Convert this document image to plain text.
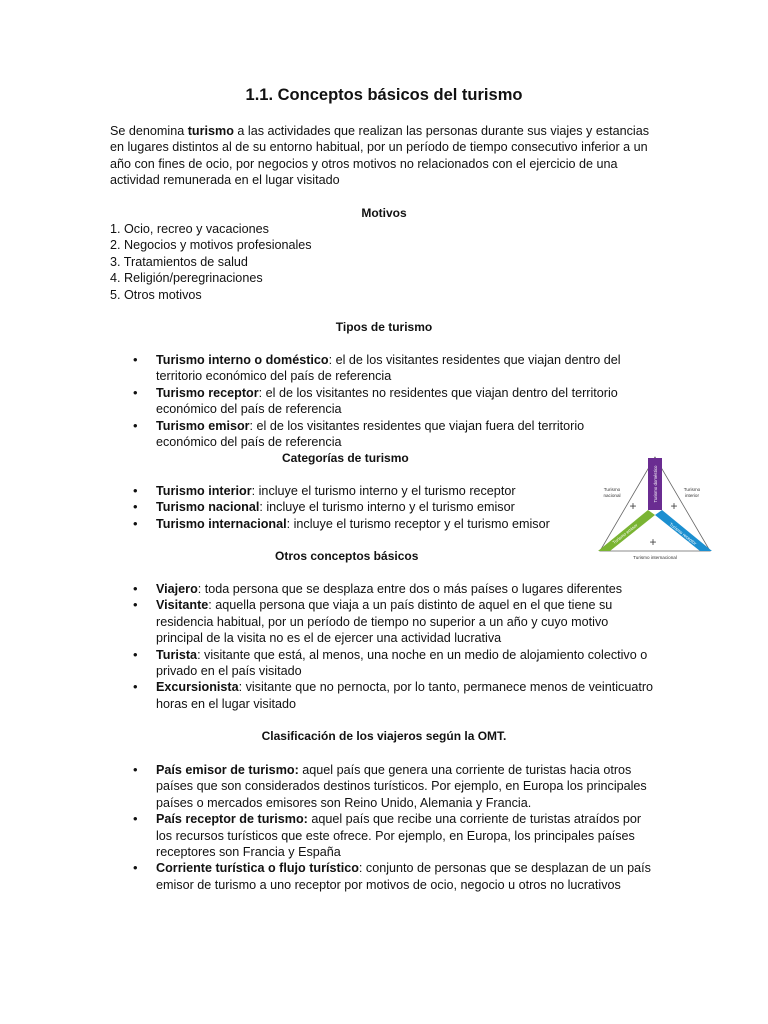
1.1. Conceptos básicos del turismo

Se denomina turismo a las actividades que realizan las personas durante sus viajes y estancias en lugares distintos al de su entorno habitual, por un período de tiempo consecutivo inferior a un año con fines de ocio, por negocios y otros motivos no relacionados con el ejercicio de una actividad remunerada en el lugar visitado

Motivos
1. Ocio, recreo y vacaciones
2. Negocios y motivos profesionales
3. Tratamientos de salud
4. Religión/peregrinaciones
5. Otros motivos
Tipos de turismo
• Turismo interno o doméstico: el de los visitantes residentes que viajan dentro del territorio económico del país de referencia
• Turismo receptor: el de los visitantes no residentes que viajan dentro del territorio económico del país de referencia
• Turismo emisor: el de los visitantes residentes que viajan fuera del territorio económico del país de referencia
Categorías de turismo
• Turismo interior: incluye el turismo interno y el turismo receptor
• Turismo nacional: incluye el turismo interno y el turismo emisor
• Turismo internacional: incluye el turismo receptor y el turismo emisor
Turismo doméstico
Turismo emisor	Turismo receptor
Turismo
nacional
Turismo
interior
Turismo internacional
+	+
+
Otros conceptos básicos
• Viajero: toda persona que se desplaza entre dos o más países o lugares diferentes
• Visitante: aquella persona que viaja a un país distinto de aquel en el que tiene su residencia habitual, por un período de tiempo no superior a un año y cuyo motivo principal de la visita no es el de ejercer una actividad lucrativa
• Turista: visitante que está, al menos, una noche en un medio de alojamiento colectivo o privado en el país visitado
• Excursionista: visitante que no pernocta, por lo tanto, permanece menos de veinticuatro horas en el lugar visitado
Clasificación de los viajeros según la OMT.
• País emisor de turismo: aquel país que genera una corriente de turistas hacia otros países que son considerados destinos turísticos. Por ejemplo, en Europa los principales países o mercados emisores son Reino Unido, Alemania y Francia.
• País receptor de turismo: aquel país que recibe una corriente de turistas atraídos por los recursos turísticos que este ofrece. Por ejemplo, en Europa, los principales países receptores son Francia y España
• Corriente turística o flujo turístico: conjunto de personas que se desplazan de un país emisor de turismo a uno receptor por motivos de ocio, negocio u otros no lucrativos
